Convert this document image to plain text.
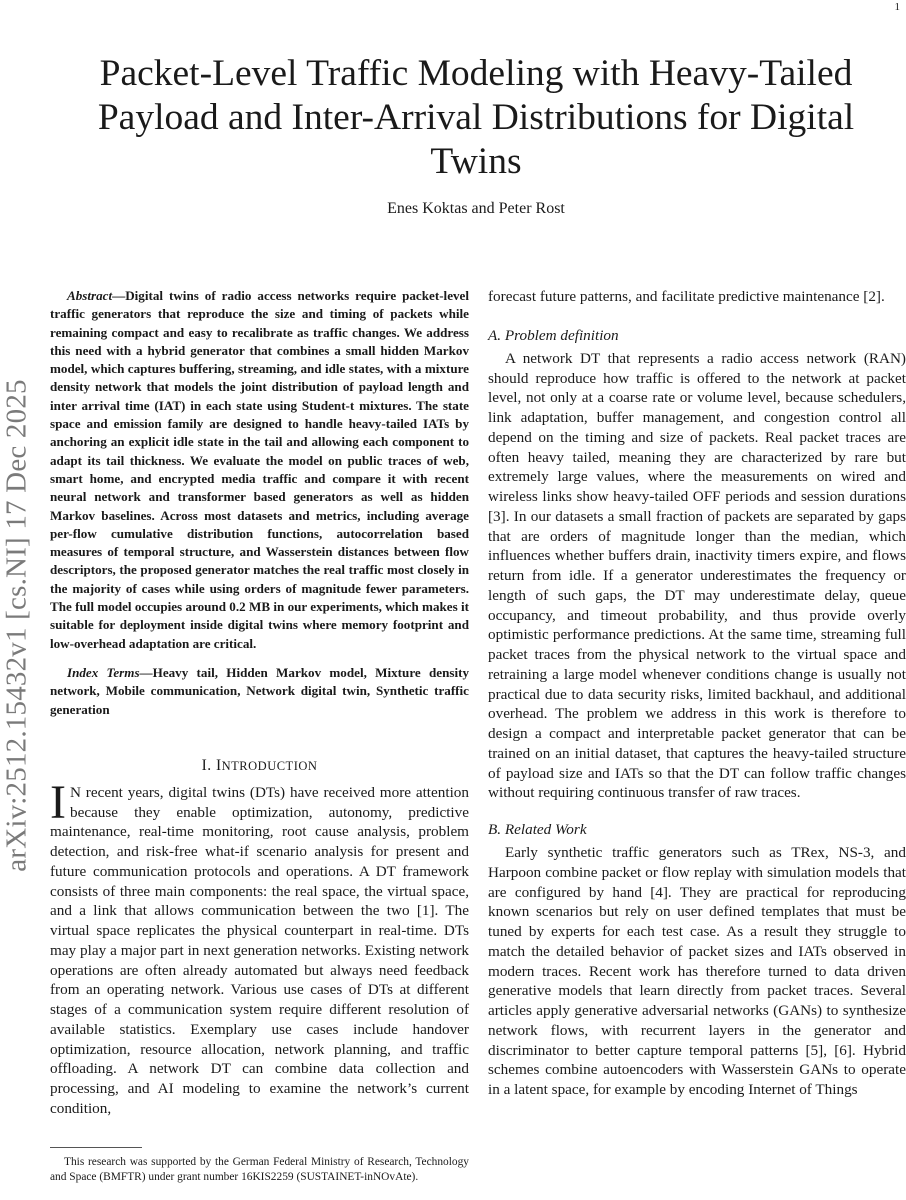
1
arXiv:2512.15432v1 [cs.NI] 17 Dec 2025
Packet-Level Traffic Modeling with Heavy-Tailed Payload and Inter-Arrival Distributions for Digital Twins
Enes Koktas and Peter Rost

Abstract—Digital twins of radio access networks require packet-level traffic generators that reproduce the size and timing of packets while remaining compact and easy to recalibrate as traffic changes. We address this need with a hybrid generator that combines a small hidden Markov model, which captures buffering, streaming, and idle states, with a mixture density network that models the joint distribution of payload length and inter arrival time (IAT) in each state using Student-t mixtures. The state space and emission family are designed to handle heavy-tailed IATs by anchoring an explicit idle state in the tail and allowing each component to adapt its tail thickness. We evaluate the model on public traces of web, smart home, and encrypted media traffic and compare it with recent neural network and transformer based generators as well as hidden Markov baselines. Across most datasets and metrics, including average per-flow cumulative distribution functions, autocorrelation based measures of temporal structure, and Wasserstein distances between flow descriptors, the proposed generator matches the real traffic most closely in the majority of cases while using orders of magnitude fewer parameters. The full model occupies around 0.2 MB in our experiments, which makes it suitable for deployment inside digital twins where memory footprint and low-overhead adaptation are critical.

Index Terms—Heavy tail, Hidden Markov model, Mixture density network, Mobile communication, Network digital twin, Synthetic traffic generation

I. INTRODUCTION

I N recent years, digital twins (DTs) have received more attention because they enable optimization, autonomy, predictive maintenance, real-time monitoring, root cause analysis, problem detection, and risk-free what-if scenario analysis for present and future communication protocols and operations. A DT framework consists of three main components: the real space, the virtual space, and a link that allows communication between the two [1]. The virtual space replicates the physical counterpart in real-time. DTs may play a major part in next generation networks. Existing network operations are often already automated but always need feedback from an operating network. Various use cases of DTs at different stages of a communication system require different resolution of available statistics. Exemplary use cases include handover optimization, resource allocation, network planning, and traffic offloading. A network DT can combine data collection and processing, and AI modeling to examine the network’s current condition,

forecast future patterns, and facilitate predictive maintenance [2].

A. Problem definition

A network DT that represents a radio access network (RAN) should reproduce how traffic is offered to the network at packet level, not only at a coarse rate or volume level, because schedulers, link adaptation, buffer management, and congestion control all depend on the timing and size of packets. Real packet traces are often heavy tailed, meaning they are characterized by rare but extremely large values, where the measurements on wired and wireless links show heavy-tailed OFF periods and session durations [3]. In our datasets a small fraction of packets are separated by gaps that are orders of magnitude longer than the median, which influences whether buffers drain, inactivity timers expire, and flows return from idle. If a generator underestimates the frequency or length of such gaps, the DT may underestimate delay, queue occupancy, and timeout probability, and thus provide overly optimistic performance predictions. At the same time, streaming full packet traces from the physical network to the virtual space and retraining a large model whenever conditions change is usually not practical due to data security risks, limited backhaul, and additional overhead. The problem we address in this work is therefore to design a compact and interpretable packet generator that can be trained on an initial dataset, that captures the heavy-tailed structure of payload size and IATs so that the DT can follow traffic changes without requiring continuous transfer of raw traces.

B. Related Work

Early synthetic traffic generators such as TRex, NS-3, and Harpoon combine packet or flow replay with simulation models that are configured by hand [4]. They are practical for reproducing known scenarios but rely on user defined templates that must be tuned by experts for each test case. As a result they struggle to match the detailed behavior of packet sizes and IATs observed in modern traces. Recent work has therefore turned to data driven generative models that learn directly from packet traces. Several articles apply generative adversarial networks (GANs) to synthesize network flows, with recurrent layers in the generator and discriminator to better capture temporal patterns [5], [6]. Hybrid schemes combine autoencoders with Wasserstein GANs to operate in a latent space, for example by encoding Internet of Things

This research was supported by the German Federal Ministry of Research, Technology and Space (BMFTR) under grant number 16KIS2259 (SUSTAINET-inNOvAte).
